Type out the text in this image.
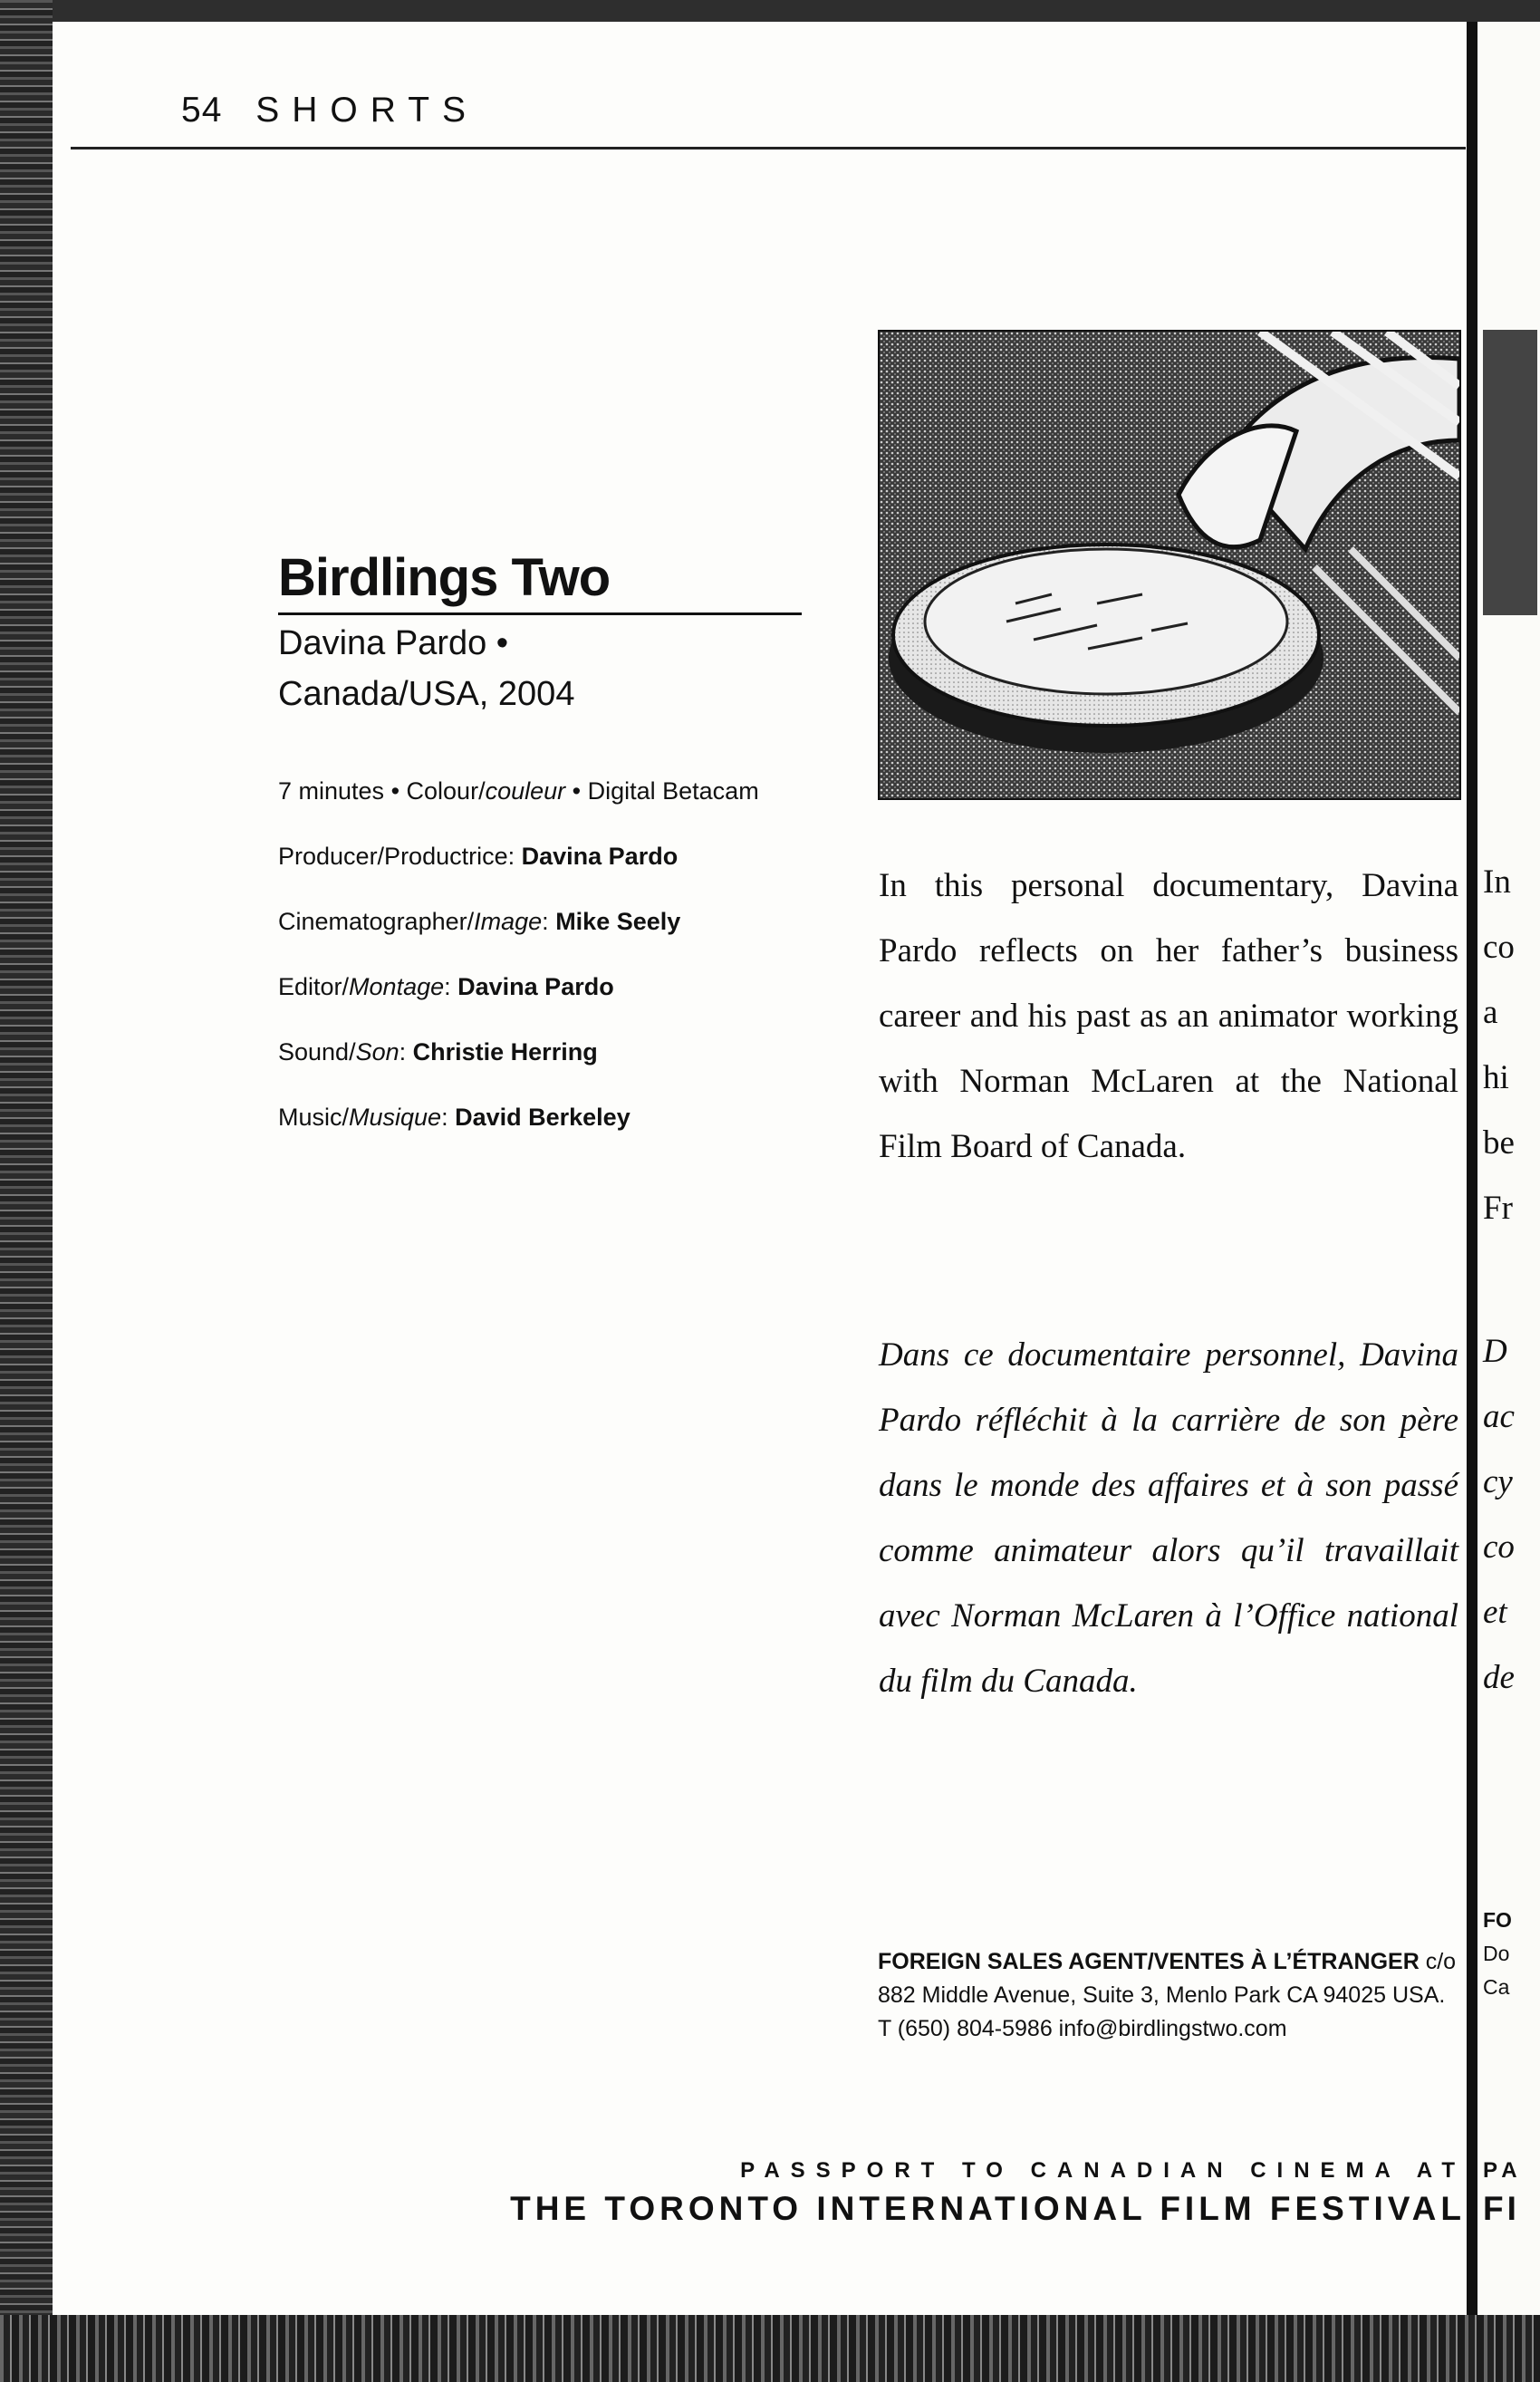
54 SHORTS
Birdlings Two
Davina Pardo •
Canada/USA, 2004
7 minutes • Colour/couleur • Digital Betacam
Producer/Productrice: Davina Pardo
Cinematographer/Image: Mike Seely
Editor/Montage: Davina Pardo
Sound/Son: Christie Herring
Music/Musique: David Berkeley
In this personal documentary, Davina Pardo reflects on her father’s business career and his past as an animator working with Norman McLaren at the National Film Board of Canada.
Dans ce documentaire personnel, Davina Pardo réfléchit à la carrière de son père dans le monde des affaires et à son passé comme animateur alors qu’il travaillait avec Norman McLaren à l’Office national du film du Canada.
FOREIGN SALES AGENT/VENTES À L’ÉTRANGER c/o 882 Middle Avenue, Suite 3, Menlo Park CA 94025 USA.
T (650) 804-5986 info@birdlingstwo.com
PASSPORT TO CANADIAN CINEMA AT
THE TORONTO INTERNATIONAL FILM FESTIVAL
In
co
a
hi
be
Fr
D
ac
cy
co
et
de
FO
Do
Ca
PA
FI
